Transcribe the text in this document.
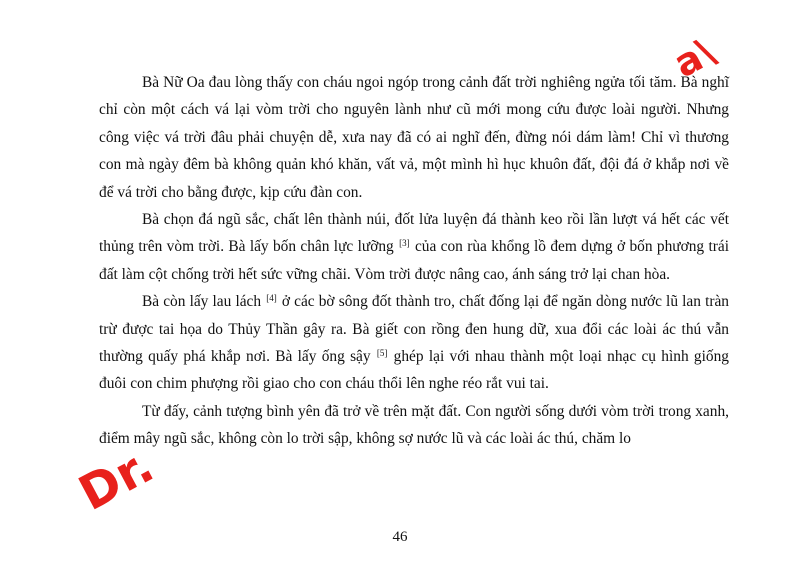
Bà Nữ Oa đau lòng thấy con cháu ngoi ngóp trong cảnh đất trời nghiêng ngửa tối tăm. Bà nghĩ chỉ còn một cách vá lại vòm trời cho nguyên lành như cũ mới mong cứu được loài người. Nhưng công việc vá trời đâu phải chuyện dễ, xưa nay đã có ai nghĩ đến, đừng nói dám làm! Chỉ vì thương con mà ngày đêm bà không quản khó khăn, vất vả, một mình hì hục khuôn đất, đội đá ở khắp nơi về để vá trời cho bằng được, kịp cứu đàn con.

Bà chọn đá ngũ sắc, chất lên thành núi, đốt lửa luyện đá thành keo rồi lần lượt vá hết các vết thủng trên vòm trời. Bà lấy bốn chân lực lưỡng [3] của con rùa khổng lồ đem dựng ở bốn phương trái đất làm cột chống trời hết sức vững chãi. Vòm trời được nâng cao, ánh sáng trở lại chan hòa.

Bà còn lấy lau lách [4] ở các bờ sông đốt thành tro, chất đống lại để ngăn dòng nước lũ lan tràn trừ được tai họa do Thủy Thần gây ra. Bà giết con rồng đen hung dữ, xua đổi các loài ác thú vẫn thường quấy phá khắp nơi. Bà lấy ống sậy [5] ghép lại với nhau thành một loại nhạc cụ hình giống đuôi con chim phượng rồi giao cho con cháu thổi lên nghe réo rắt vui tai.

Từ đấy, cảnh tượng bình yên đã trở về trên mặt đất. Con người sống dưới vòm trời trong xanh, điểm mây ngũ sắc, không còn lo trời sập, không sợ nước lũ và các loài ác thú, chăm lo

46
a\
Dr.
